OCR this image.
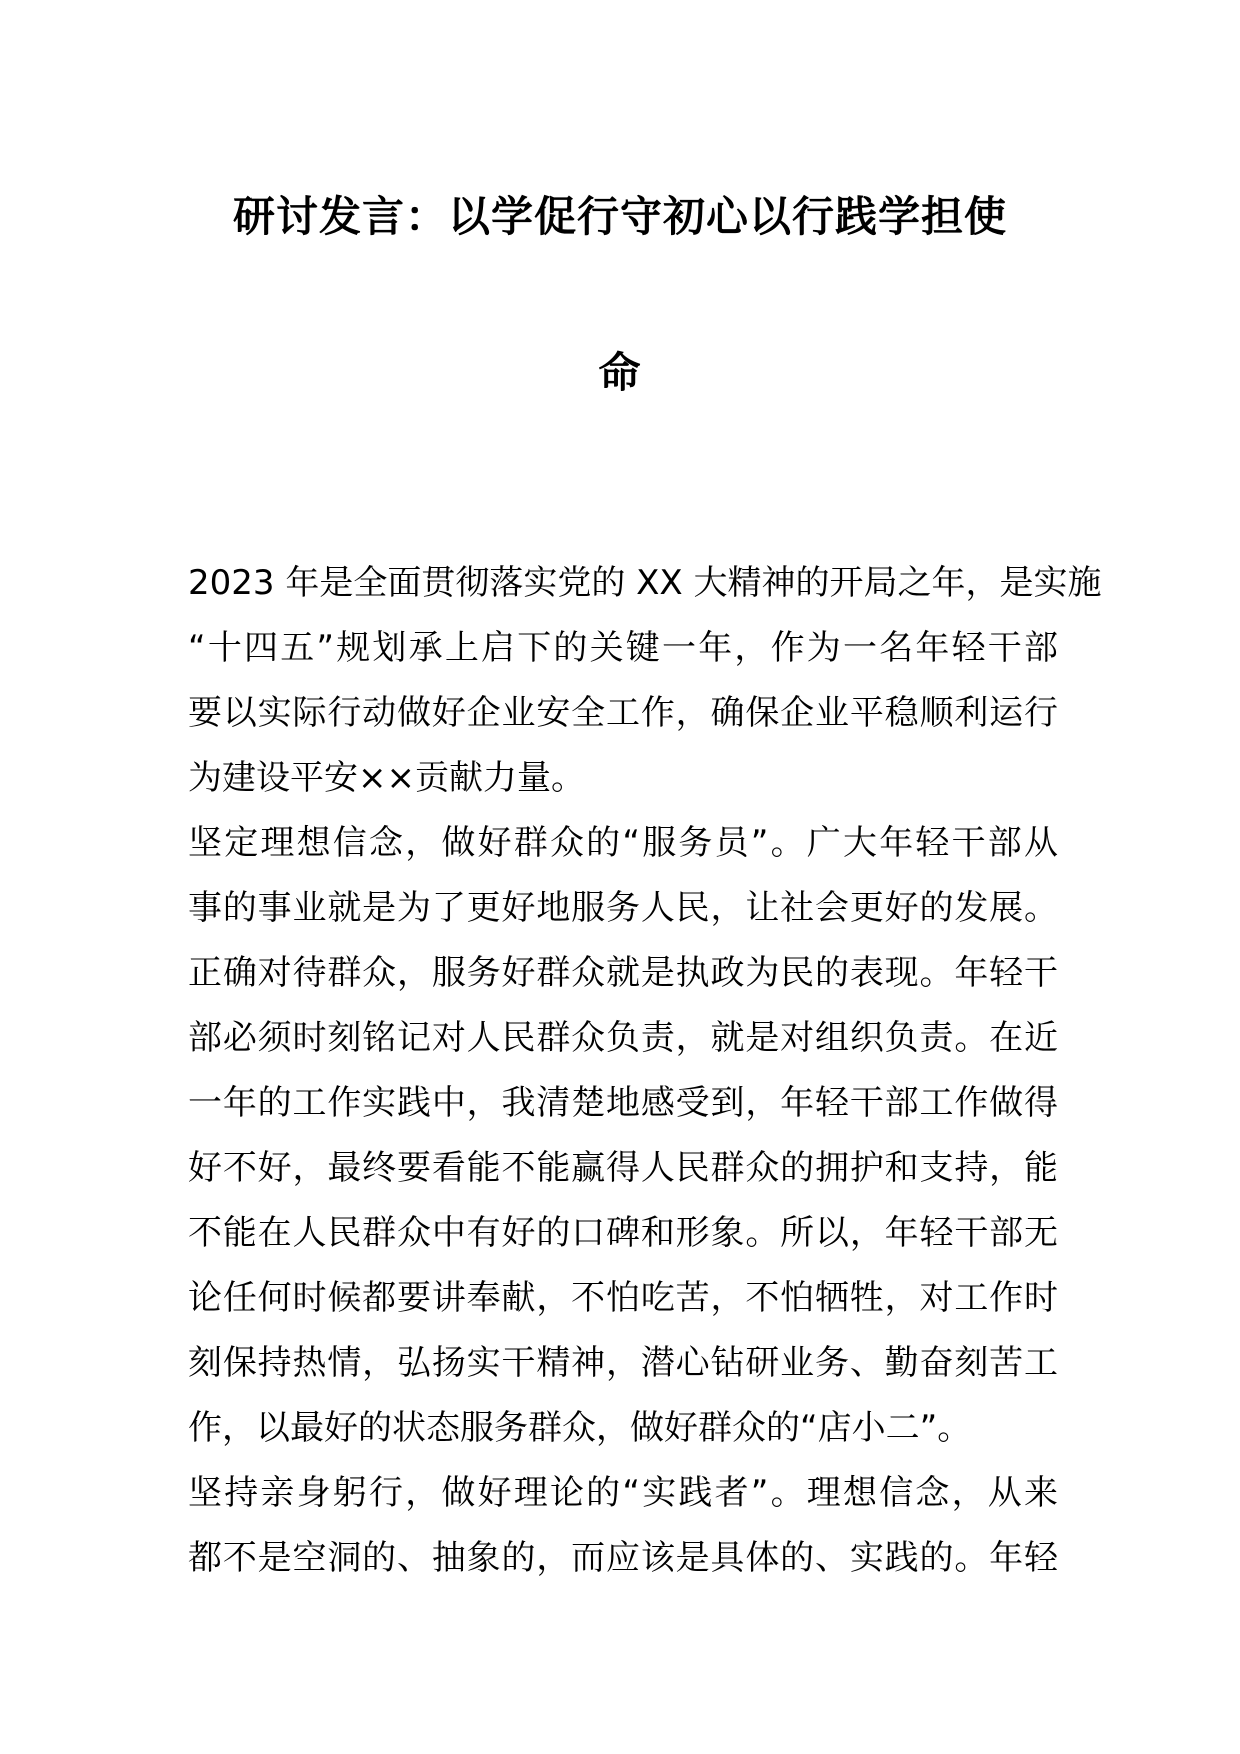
研讨发言：以学促行守初心以行践学担使
命
2023 年是全面贯彻落实党的 XX 大精神的开局之年，是实施
“十四五”规划承上启下的关键一年，作为一名年轻干部
要以实际行动做好企业安全工作，确保企业平稳顺利运行
为建设平安××贡献力量。
坚定理想信念，做好群众的“服务员”。广大年轻干部从
事的事业就是为了更好地服务人民，让社会更好的发展。
正确对待群众，服务好群众就是执政为民的表现。年轻干
部必须时刻铭记对人民群众负责，就是对组织负责。在近
一年的工作实践中，我清楚地感受到，年轻干部工作做得
好不好，最终要看能不能赢得人民群众的拥护和支持，能
不能在人民群众中有好的口碑和形象。所以，年轻干部无
论任何时候都要讲奉献，不怕吃苦，不怕牺牲，对工作时
刻保持热情，弘扬实干精神，潜心钻研业务、勤奋刻苦工
作，以最好的状态服务群众，做好群众的“店小二”。
坚持亲身躬行，做好理论的“实践者”。理想信念，从来
都不是空洞的、抽象的，而应该是具体的、实践的。年轻
